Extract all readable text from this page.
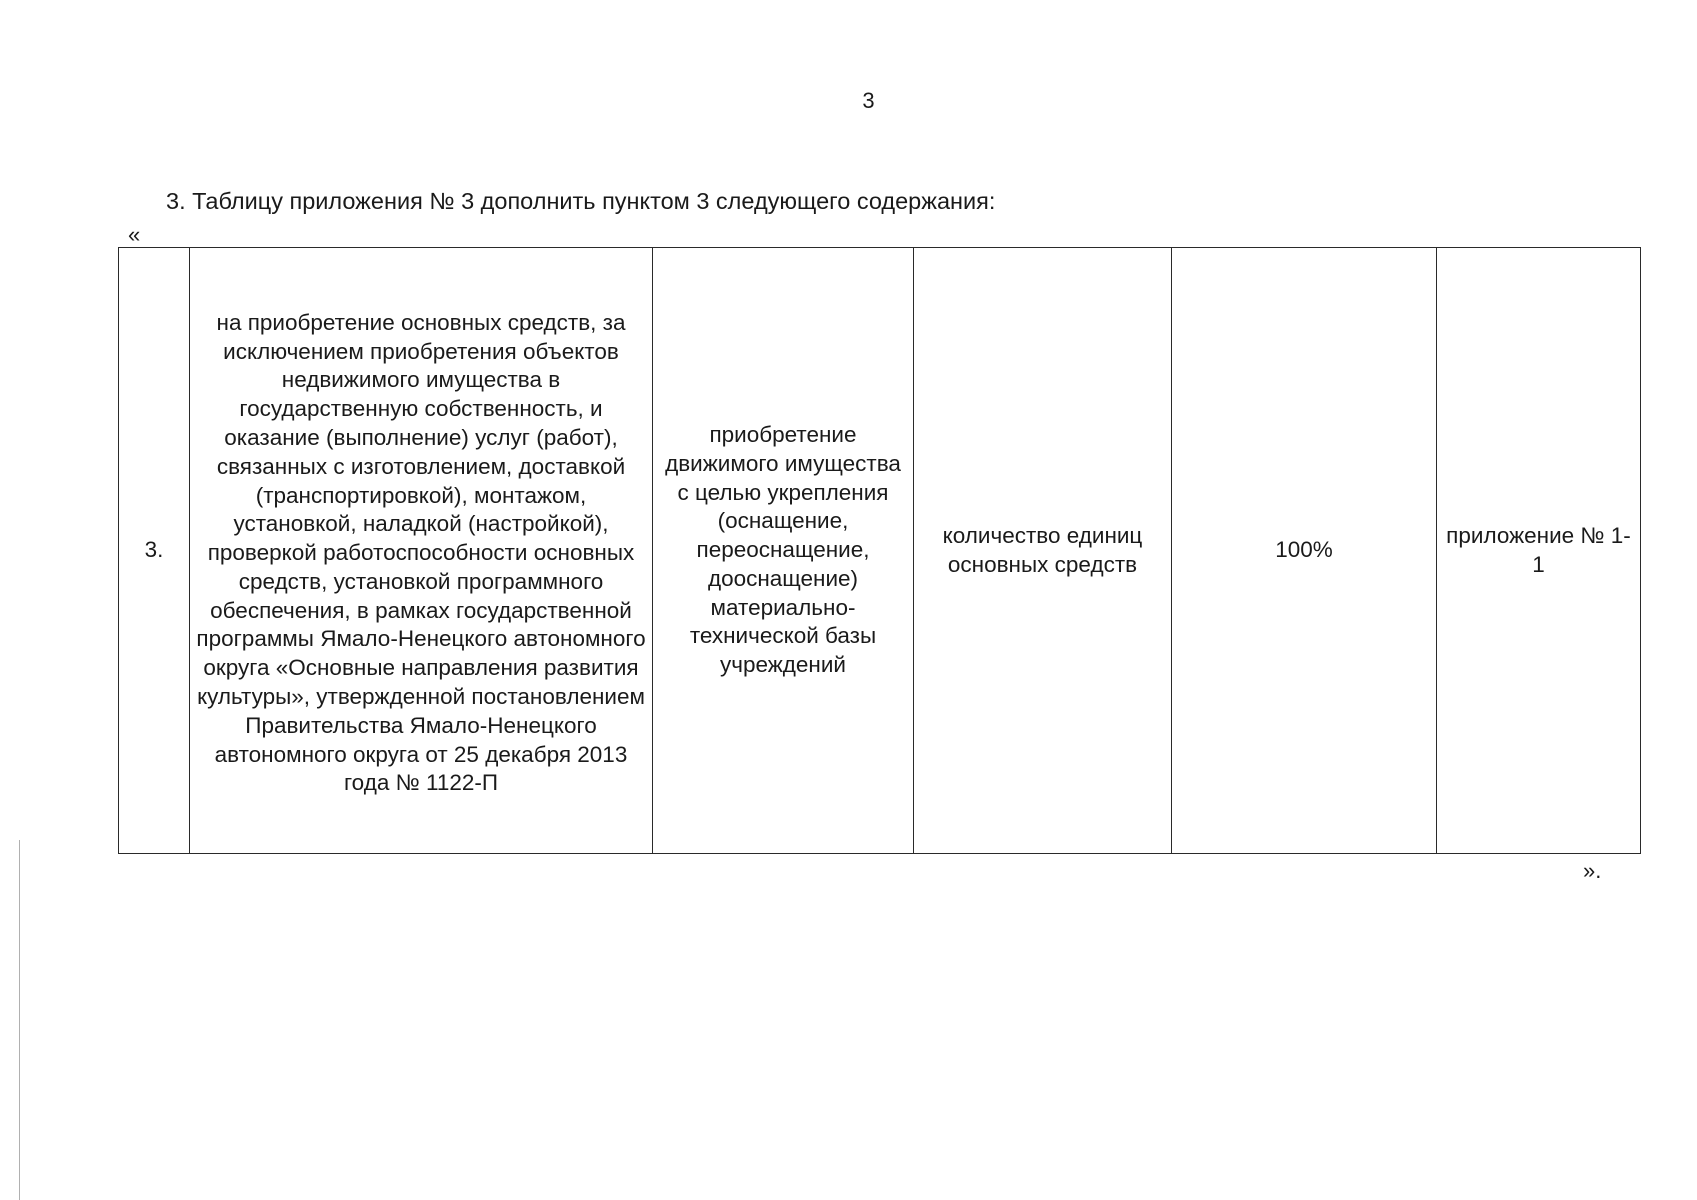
3
3. Таблицу приложения № 3 дополнить пунктом 3 следующего содержания:
«
3.	на приобретение основных средств, за исключением приобретения объектов недвижимого имущества в государственную собственность, и оказание (выполнение) услуг (работ), связанных с изготовлением, доставкой (транспортировкой), монтажом, установкой, наладкой (настройкой), проверкой работоспособности основных средств, установкой программного обеспечения, в рамках государственной программы Ямало-Ненецкого автономного округа «Основные направления развития культуры», утвержденной постановлением Правительства Ямало-Ненецкого автономного округа от 25 декабря 2013 года № 1122-П	приобретение движимого имущества с целью укрепления (оснащение, переоснащение, дооснащение) материально-технической базы учреждений	количество единиц основных средств	100%	приложение № 1-1
».
